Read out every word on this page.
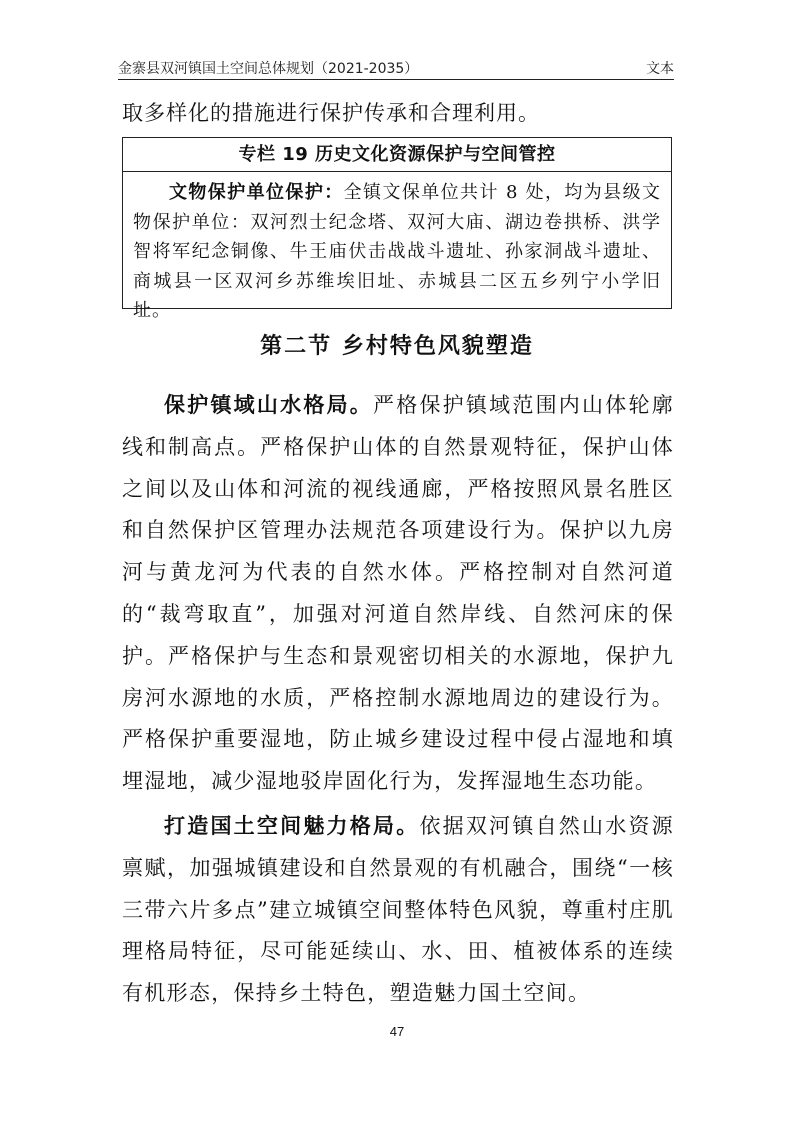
金寨县双河镇国土空间总体规划（2021-2035）	文本
取多样化的措施进行保护传承和合理利用。
专栏 19 历史文化资源保护与空间管控
文物保护单位保护：全镇文保单位共计 8 处，均为县级文物保护单位：双河烈士纪念塔、双河大庙、湖边卷拱桥、洪学智将军纪念铜像、牛王庙伏击战战斗遗址、孙家洞战斗遗址、商城县一区双河乡苏维埃旧址、赤城县二区五乡列宁小学旧址。
第二节 乡村特色风貌塑造
保护镇域山水格局。严格保护镇域范围内山体轮廓线和制高点。严格保护山体的自然景观特征，保护山体之间以及山体和河流的视线通廊，严格按照风景名胜区和自然保护区管理办法规范各项建设行为。保护以九房河与黄龙河为代表的自然水体。严格控制对自然河道的“裁弯取直”，加强对河道自然岸线、自然河床的保护。严格保护与生态和景观密切相关的水源地，保护九房河水源地的水质，严格控制水源地周边的建设行为。严格保护重要湿地，防止城乡建设过程中侵占湿地和填埋湿地，减少湿地驳岸固化行为，发挥湿地生态功能。
打造国土空间魅力格局。依据双河镇自然山水资源禀赋，加强城镇建设和自然景观的有机融合，围绕“一核三带六片多点”建立城镇空间整体特色风貌，尊重村庄肌理格局特征，尽可能延续山、水、田、植被体系的连续有机形态，保持乡土特色，塑造魅力国土空间。
47
